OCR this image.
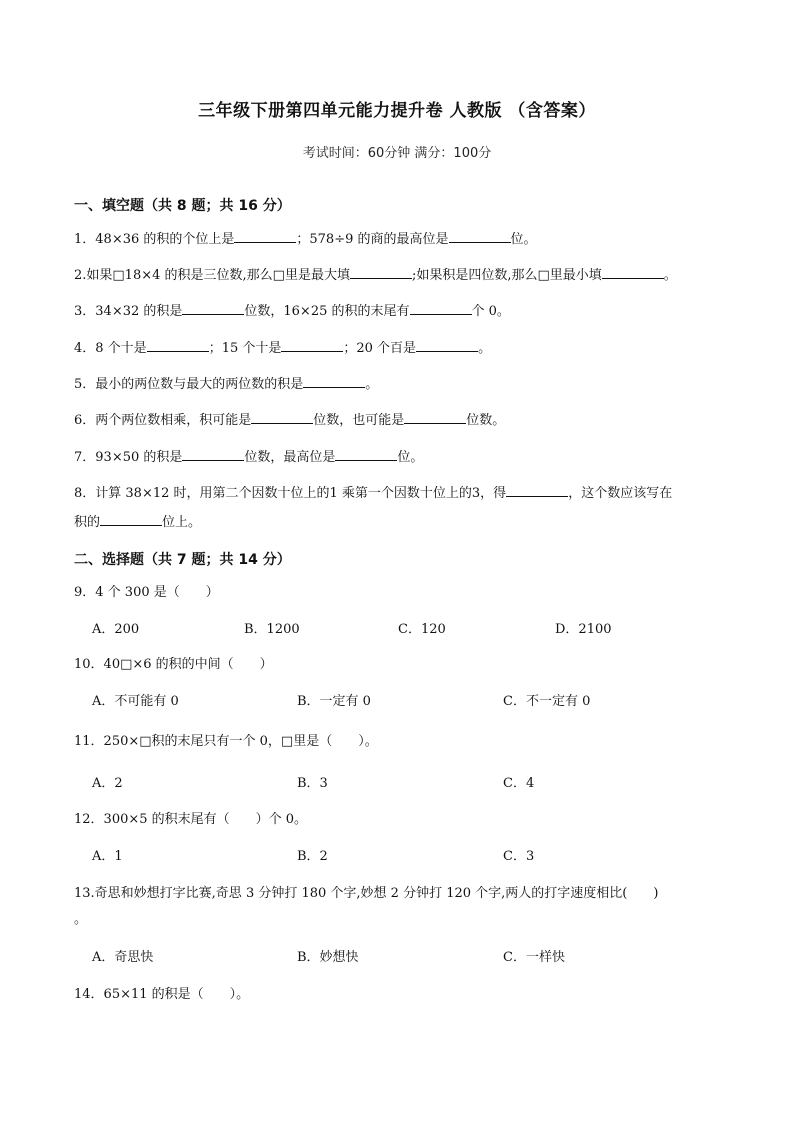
三年级下册第四单元能力提升卷 人教版 （含答案）
考试时间：60分钟 满分：100分
一、填空题（共 8 题；共 16 分）
1．48×36 的积的个位上是	；578÷9 的商的最高位是	位。
2.如果□18×4 的积是三位数,那么□里是最大填	;如果积是四位数,那么□里最小填	。
3．34×32 的积是	位数，16×25 的积的末尾有	个 0。
4．8 个十是	；15 个十是	；20 个百是	。
5．最小的两位数与最大的两位数的积是	。
6．两个两位数相乘，积可能是	位数，也可能是	位数。
7．93×50 的积是	位数，最高位是	位。
8．计算 38×12 时，用第二个因数十位上的1 乘第一个因数十位上的3，得	，这个数应该写在
积的	位上。
二、选择题（共 7 题；共 14 分）
9．4 个 300 是（　　）
A．200	B．1200	C．120	D．2100
10．40□×6 的积的中间（　　）
A．不可能有 0	B．一定有 0	C．不一定有 0
11．250×□积的末尾只有一个 0，□里是（　　）。
A．2	B．3	C．4
12．300×5 的积末尾有（　　）个 0。
A．1	B．2	C．3
13.奇思和妙想打字比赛,奇思 3 分钟打 180 个字,妙想 2 分钟打 120 个字,两人的打字速度相比(　　)
。
A．奇思快	B．妙想快	C．一样快
14．65×11 的积是（　　）。
